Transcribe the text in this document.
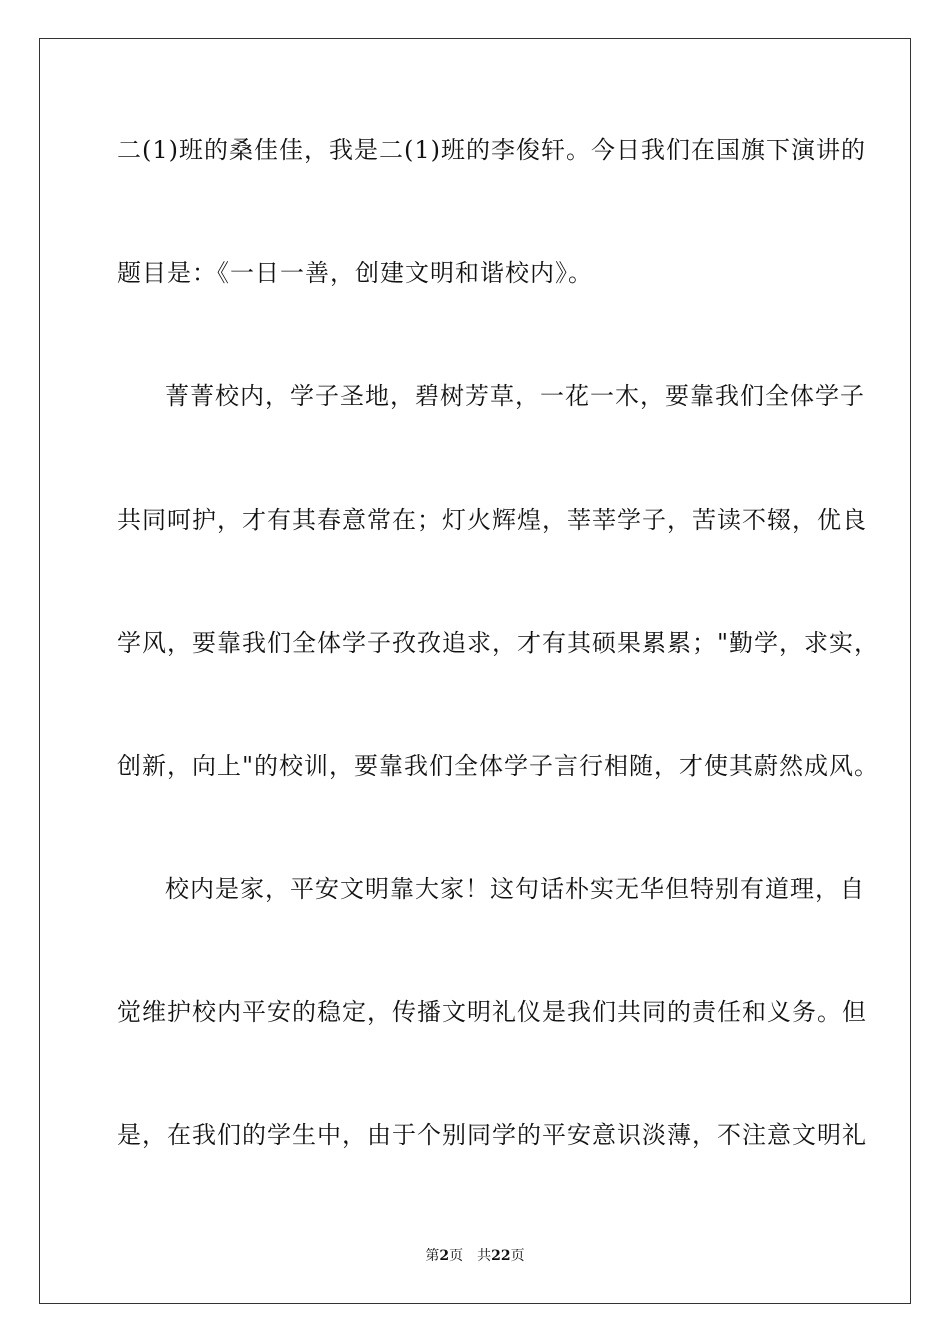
二(1)班的桑佳佳，我是二(1)班的李俊轩。今日我们在国旗下演讲的
题目是：《一日一善，创建文明和谐校内》。
菁菁校内，学子圣地，碧树芳草，一花一木，要靠我们全体学子
共同呵护，才有其春意常在；灯火辉煌，莘莘学子，苦读不辍，优良
学风，要靠我们全体学子孜孜追求，才有其硕果累累；"勤学，求实，
创新，向上"的校训，要靠我们全体学子言行相随，才使其蔚然成风。
校内是家，平安文明靠大家！这句话朴实无华但特别有道理，自
觉维护校内平安的稳定，传播文明礼仪是我们共同的责任和义务。但
是，在我们的学生中，由于个别同学的平安意识淡薄，不注意文明礼
第2页 共22页
